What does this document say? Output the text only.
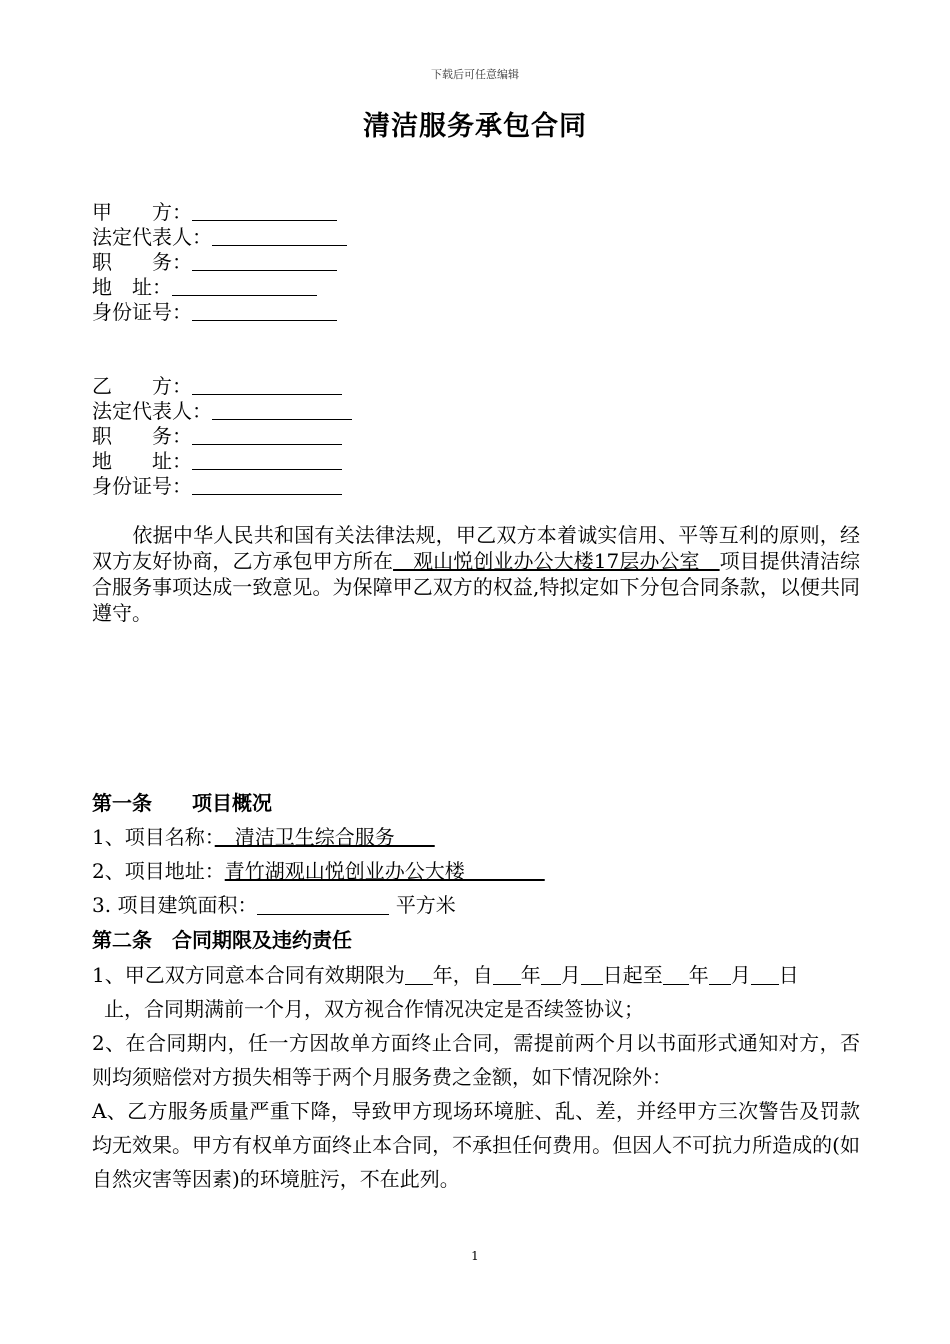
下载后可任意编辑
清洁服务承包合同
甲　　方：
法定代表人：
职　　务：
地　址：
身份证号：
乙　　方：
法定代表人：
职　　务：
地　　址：
身份证号：
　　依据中华人民共和国有关法律法规，甲乙双方本着诚实信用、平等互利的原则，经双方友好协商，乙方承包甲方所在　观山悦创业办公大楼17层办公室　项目提供清洁综合服务事项达成一致意见。为保障甲乙双方的权益,特拟定如下分包合同条款，以便共同遵守。
第一条　　项目概况
1、项目名称：　清洁卫生综合服务　　
2、项目地址：青竹湖观山悦创业办公大楼　　　　
3. 项目建筑面积：	平方米
第二条　合同期限及违约责任
1、甲乙双方同意本合同有效期限为 年，自 年 月 日起至 年 月 日
止，合同期满前一个月，双方视合作情况决定是否续签协议；
2、在合同期内，任一方因故单方面终止合同，需提前两个月以书面形式通知对方，否则均须赔偿对方损失相等于两个月服务费之金额，如下情况除外：
A、乙方服务质量严重下降，导致甲方现场环境脏、乱、差，并经甲方三次警告及罚款均无效果。甲方有权单方面终止本合同，不承担任何费用。但因人不可抗力所造成的(如自然灾害等因素)的环境脏污，不在此列。
1
